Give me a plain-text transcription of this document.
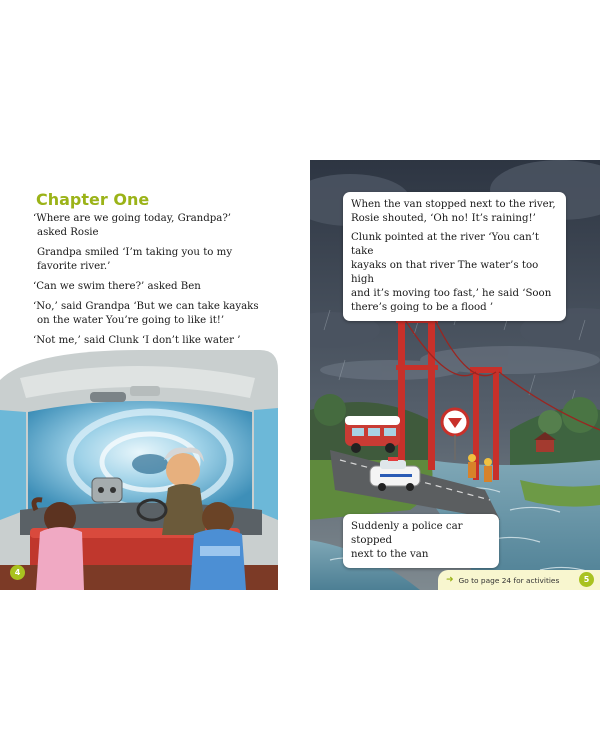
Chapter One

‘Where are we going today, Grandpa?’
asked Rosie

Grandpa smiled ‘I’m taking you to my
favorite river.’

‘Can we swim there?’ asked Ben

‘No,’ said Grandpa ‘But we can take kayaks
on the water You’re going to like it!’

‘Not me,’ said Clunk ‘I don’t like water ’

4

When the van stopped next to the river,
Rosie shouted, ‘Oh no! It’s raining!’

Clunk pointed at the river ‘You can’t take
kayaks on that river The water’s too high
and it’s moving too fast,’ he said ‘Soon
there’s going to be a flood ’

Suddenly a police car stopped
next to the van

➜ Go to page 24 for activities	5
